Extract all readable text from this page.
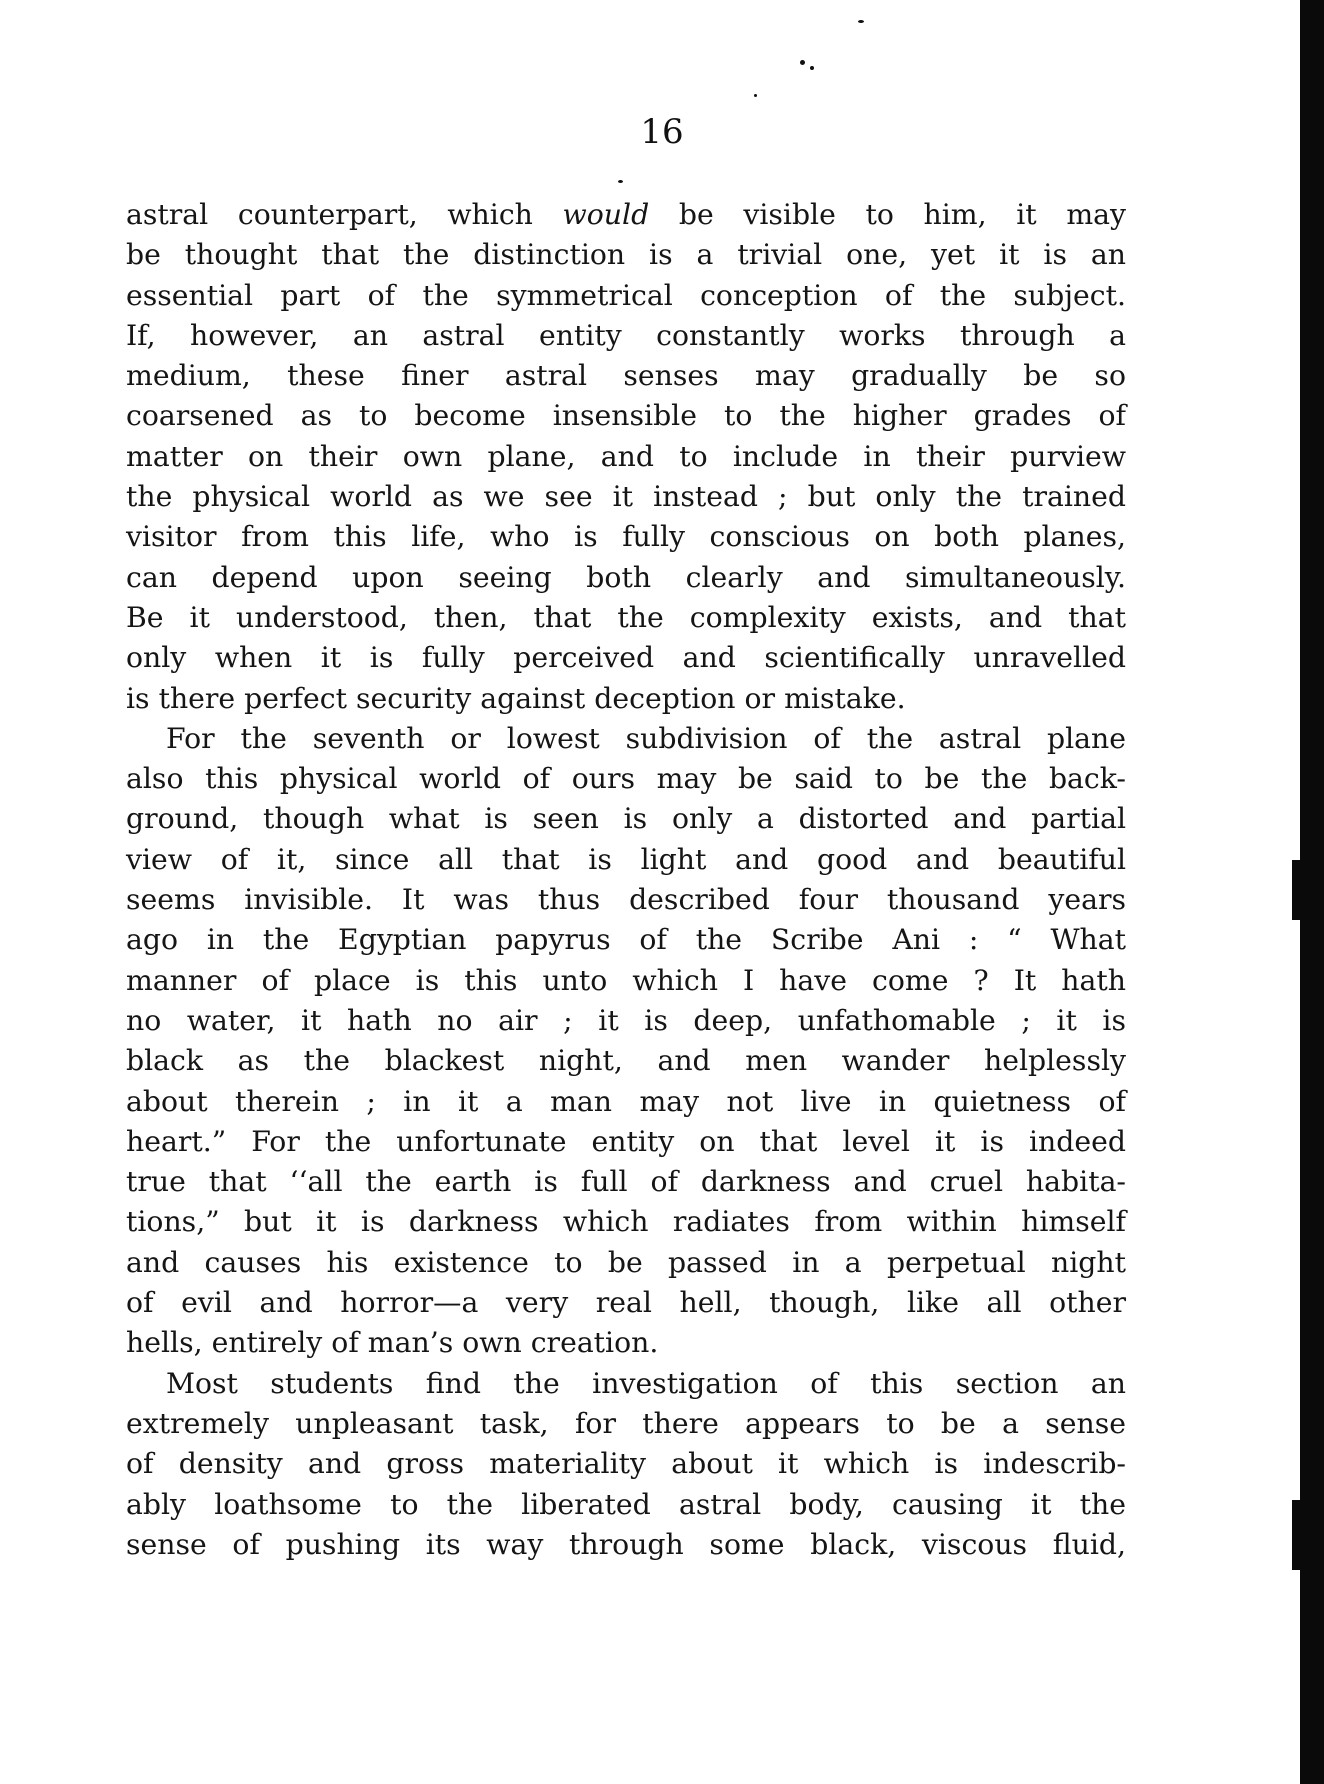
16
astral counterpart, which would be visible to him, it may
be thought that the distinction is a trivial one, yet it is an
essential part of the symmetrical conception of the subject.
If, however, an astral entity constantly works through a
medium, these finer astral senses may gradually be so
coarsened as to become insensible to the higher grades of
matter on their own plane, and to include in their purview
the physical world as we see it instead ; but only the trained
visitor from this life, who is fully conscious on both planes,
can depend upon seeing both clearly and simultaneously.
Be it understood, then, that the complexity exists, and that
only when it is fully perceived and scientifically unravelled
is there perfect security against deception or mistake.
For the seventh or lowest subdivision of the astral plane
also this physical world of ours may be said to be the back-
ground, though what is seen is only a distorted and partial
view of it, since all that is light and good and beautiful
seems invisible. It was thus described four thousand years
ago in the Egyptian papyrus of the Scribe Ani : “ What
manner of place is this unto which I have come ? It hath
no water, it hath no air ; it is deep, unfathomable ; it is
black as the blackest night, and men wander helplessly
about therein ; in it a man may not live in quietness of
heart.” For the unfortunate entity on that level it is indeed
true that ‘‘all the earth is full of darkness and cruel habita-
tions,” but it is darkness which radiates from within himself
and causes his existence to be passed in a perpetual night
of evil and horror—a very real hell, though, like all other
hells, entirely of man’s own creation.
Most students find the investigation of this section an
extremely unpleasant task, for there appears to be a sense
of density and gross materiality about it which is indescrib-
ably loathsome to the liberated astral body, causing it the
sense of pushing its way through some black, viscous fluid,
